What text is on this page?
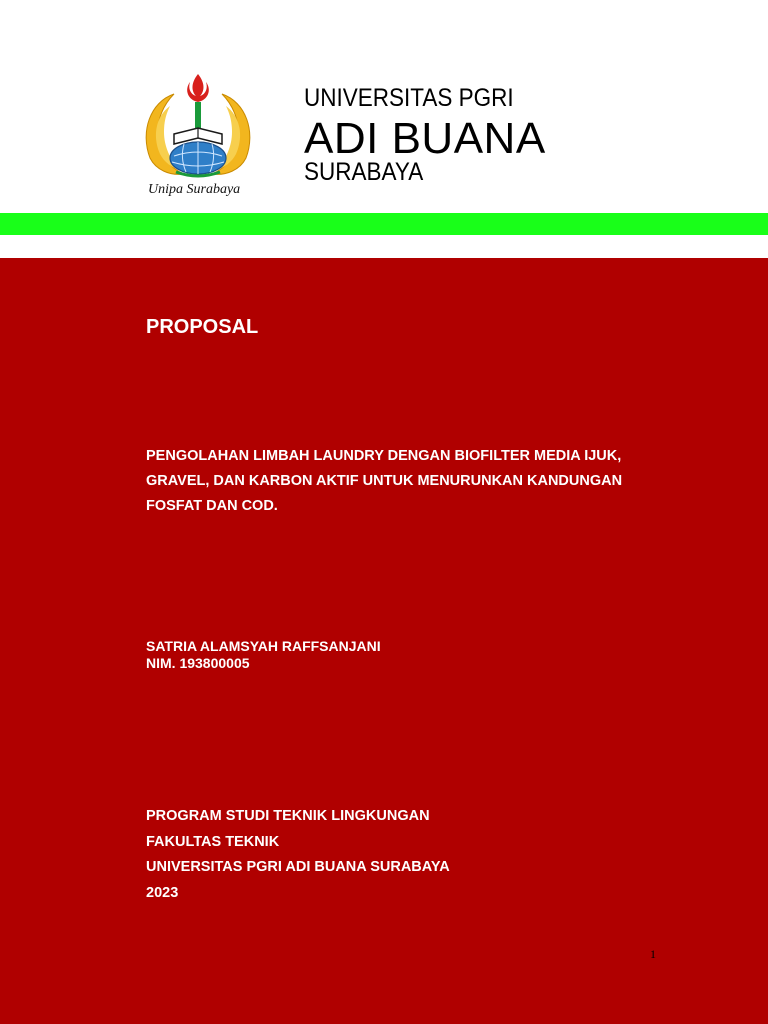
Unipa Surabaya
UNIVERSITAS PGRI
ADI BUANA
SURABAYA
PROPOSAL
PENGOLAHAN LIMBAH LAUNDRY DENGAN BIOFILTER MEDIA IJUK,
GRAVEL, DAN KARBON AKTIF UNTUK MENURUNKAN KANDUNGAN
FOSFAT DAN COD.
SATRIA ALAMSYAH RAFFSANJANI
NIM. 193800005
PROGRAM STUDI TEKNIK LINGKUNGAN
FAKULTAS TEKNIK
UNIVERSITAS PGRI ADI BUANA SURABAYA
2023
1
